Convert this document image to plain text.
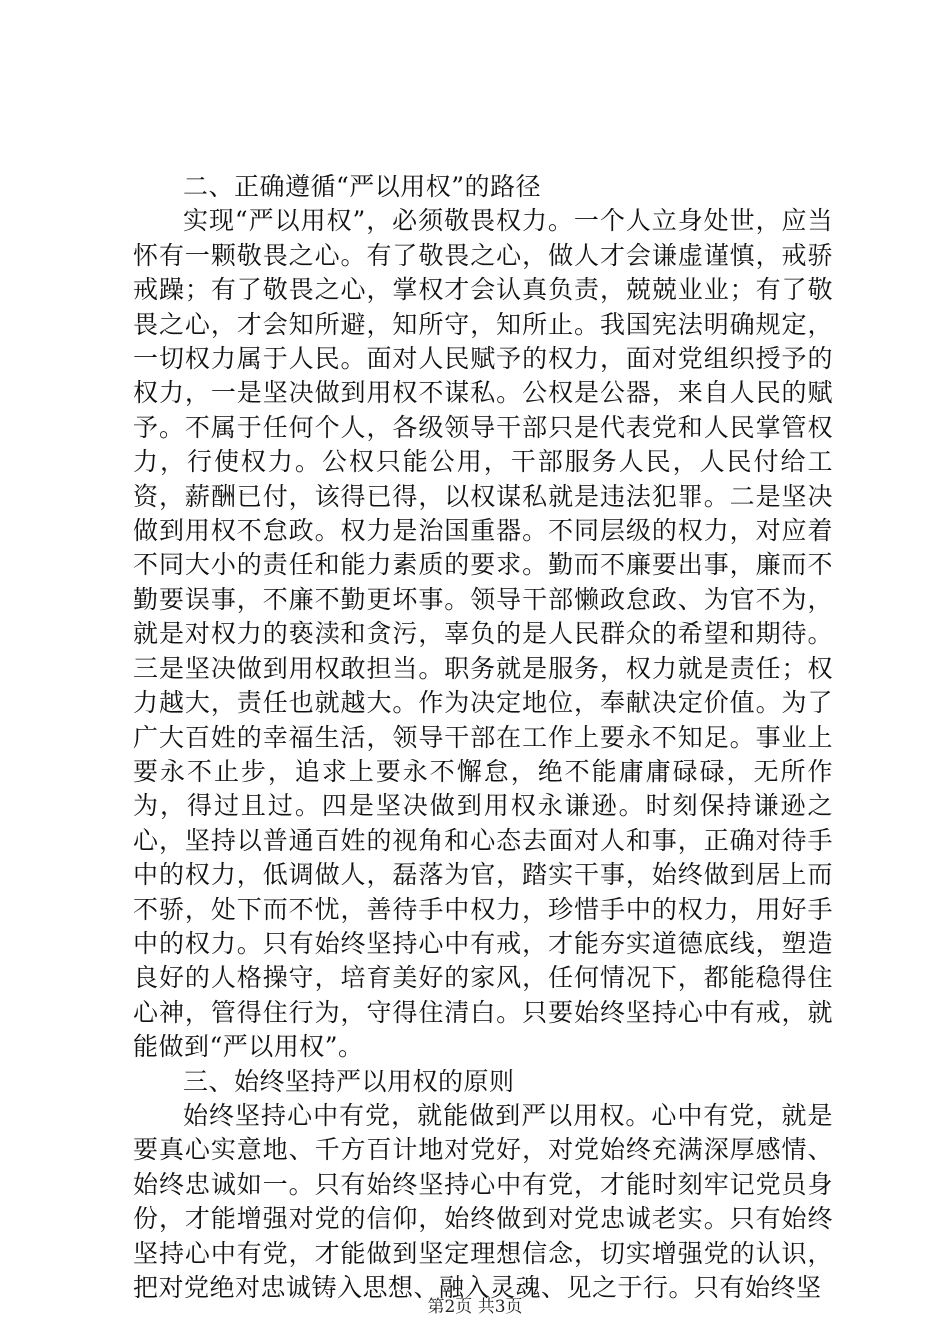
二、正确遵循“严以用权”的路径

实现“严以用权”，必须敬畏权力。一个人立身处世，应当怀有一颗敬畏之心。有了敬畏之心，做人才会谦虚谨慎，戒骄戒躁；有了敬畏之心，掌权才会认真负责，兢兢业业；有了敬畏之心，才会知所避，知所守，知所止。我国宪法明确规定，一切权力属于人民。面对人民赋予的权力，面对党组织授予的权力，一是坚决做到用权不谋私。公权是公器，来自人民的赋予。不属于任何个人，各级领导干部只是代表党和人民掌管权力，行使权力。公权只能公用，干部服务人民，人民付给工资，薪酬已付，该得已得，以权谋私就是违法犯罪。二是坚决做到用权不怠政。权力是治国重器。不同层级的权力，对应着不同大小的责任和能力素质的要求。勤而不廉要出事，廉而不勤要误事，不廉不勤更坏事。领导干部懒政怠政、为官不为，就是对权力的亵渎和贪污，辜负的是人民群众的希望和期待。三是坚决做到用权敢担当。职务就是服务，权力就是责任；权力越大，责任也就越大。作为决定地位，奉献决定价值。为了广大百姓的幸福生活，领导干部在工作上要永不知足。事业上要永不止步，追求上要永不懈怠，绝不能庸庸碌碌，无所作为，得过且过。四是坚决做到用权永谦逊。时刻保持谦逊之心，坚持以普通百姓的视角和心态去面对人和事，正确对待手中的权力，低调做人，磊落为官，踏实干事，始终做到居上而不骄，处下而不忧，善待手中权力，珍惜手中的权力，用好手中的权力。只有始终坚持心中有戒，才能夯实道德底线，塑造良好的人格操守，培育美好的家风，任何情况下，都能稳得住心神，管得住行为，守得住清白。只要始终坚持心中有戒，就能做到“严以用权”。

三、始终坚持严以用权的原则

始终坚持心中有党，就能做到严以用权。心中有党，就是要真心实意地、千方百计地对党好，对党始终充满深厚感情、始终忠诚如一。只有始终坚持心中有党，才能时刻牢记党员身份，才能增强对党的信仰，始终做到对党忠诚老实。只有始终坚持心中有党，才能做到坚定理想信念，切实增强党的认识，把对党绝对忠诚铸入思想、融入灵魂、见之于行。只有始终坚

第2页 共3页
